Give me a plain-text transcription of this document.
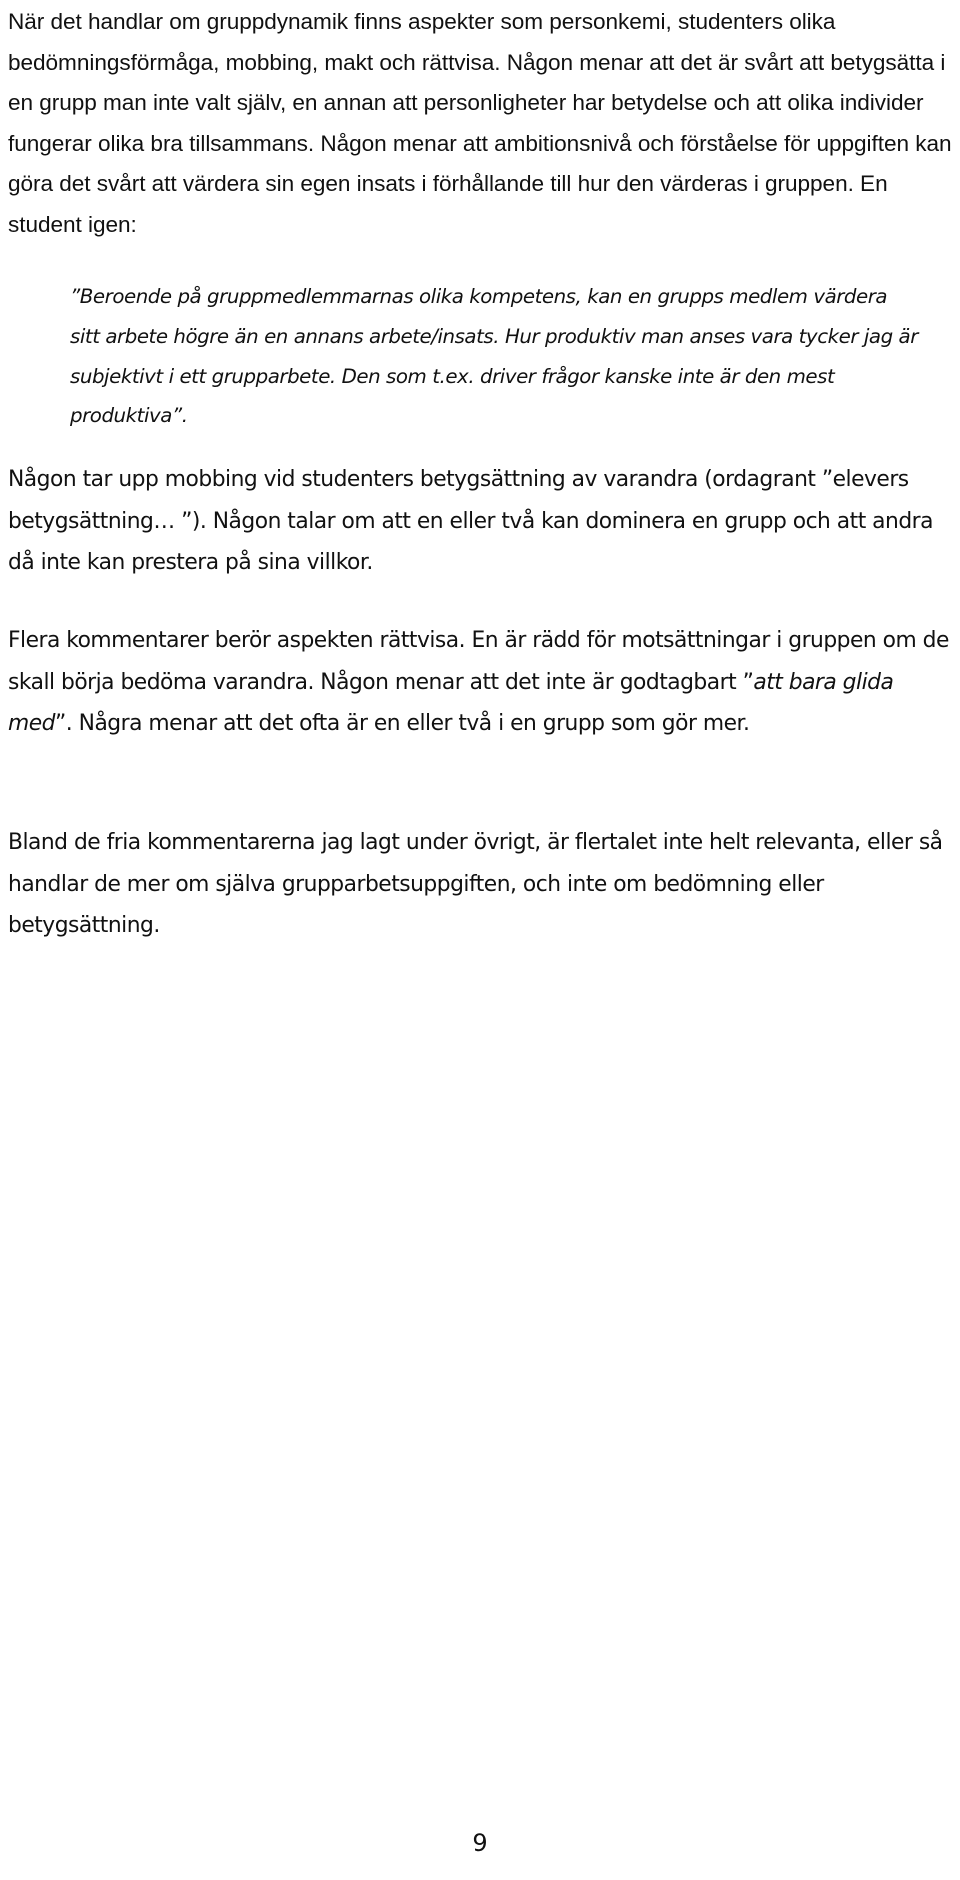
När det handlar om gruppdynamik finns aspekter som personkemi, studenters olika bedömningsförmåga, mobbing, makt och rättvisa. Någon menar att det är svårt att betygsätta i en grupp man inte valt själv, en annan att personligheter har betydelse och att olika individer fungerar olika bra tillsammans. Någon menar att ambitionsnivå och förståelse för uppgiften kan göra det svårt att värdera sin egen insats i förhållande till hur den värderas i gruppen. En student igen:

”Beroende på gruppmedlemmarnas olika kompetens, kan en grupps medlem värdera sitt arbete högre än en annans arbete/insats. Hur produktiv man anses vara tycker jag är subjektivt i ett grupparbete. Den som t.ex. driver frågor kanske inte är den mest produktiva”.

Någon tar upp mobbing vid studenters betygsättning av varandra (ordagrant ”elevers betygsättning… ”). Någon talar om att en eller två kan dominera en grupp och att andra då inte kan prestera på sina villkor.

Flera kommentarer berör aspekten rättvisa. En är rädd för motsättningar i gruppen om de skall börja bedöma varandra. Någon menar att det inte är godtagbart ”att bara glida med”. Några menar att det ofta är en eller två i en grupp som gör mer.

Bland de fria kommentarerna jag lagt under övrigt, är flertalet inte helt relevanta, eller så handlar de mer om själva grupparbetsuppgiften, och inte om bedömning eller betygsättning.

9
